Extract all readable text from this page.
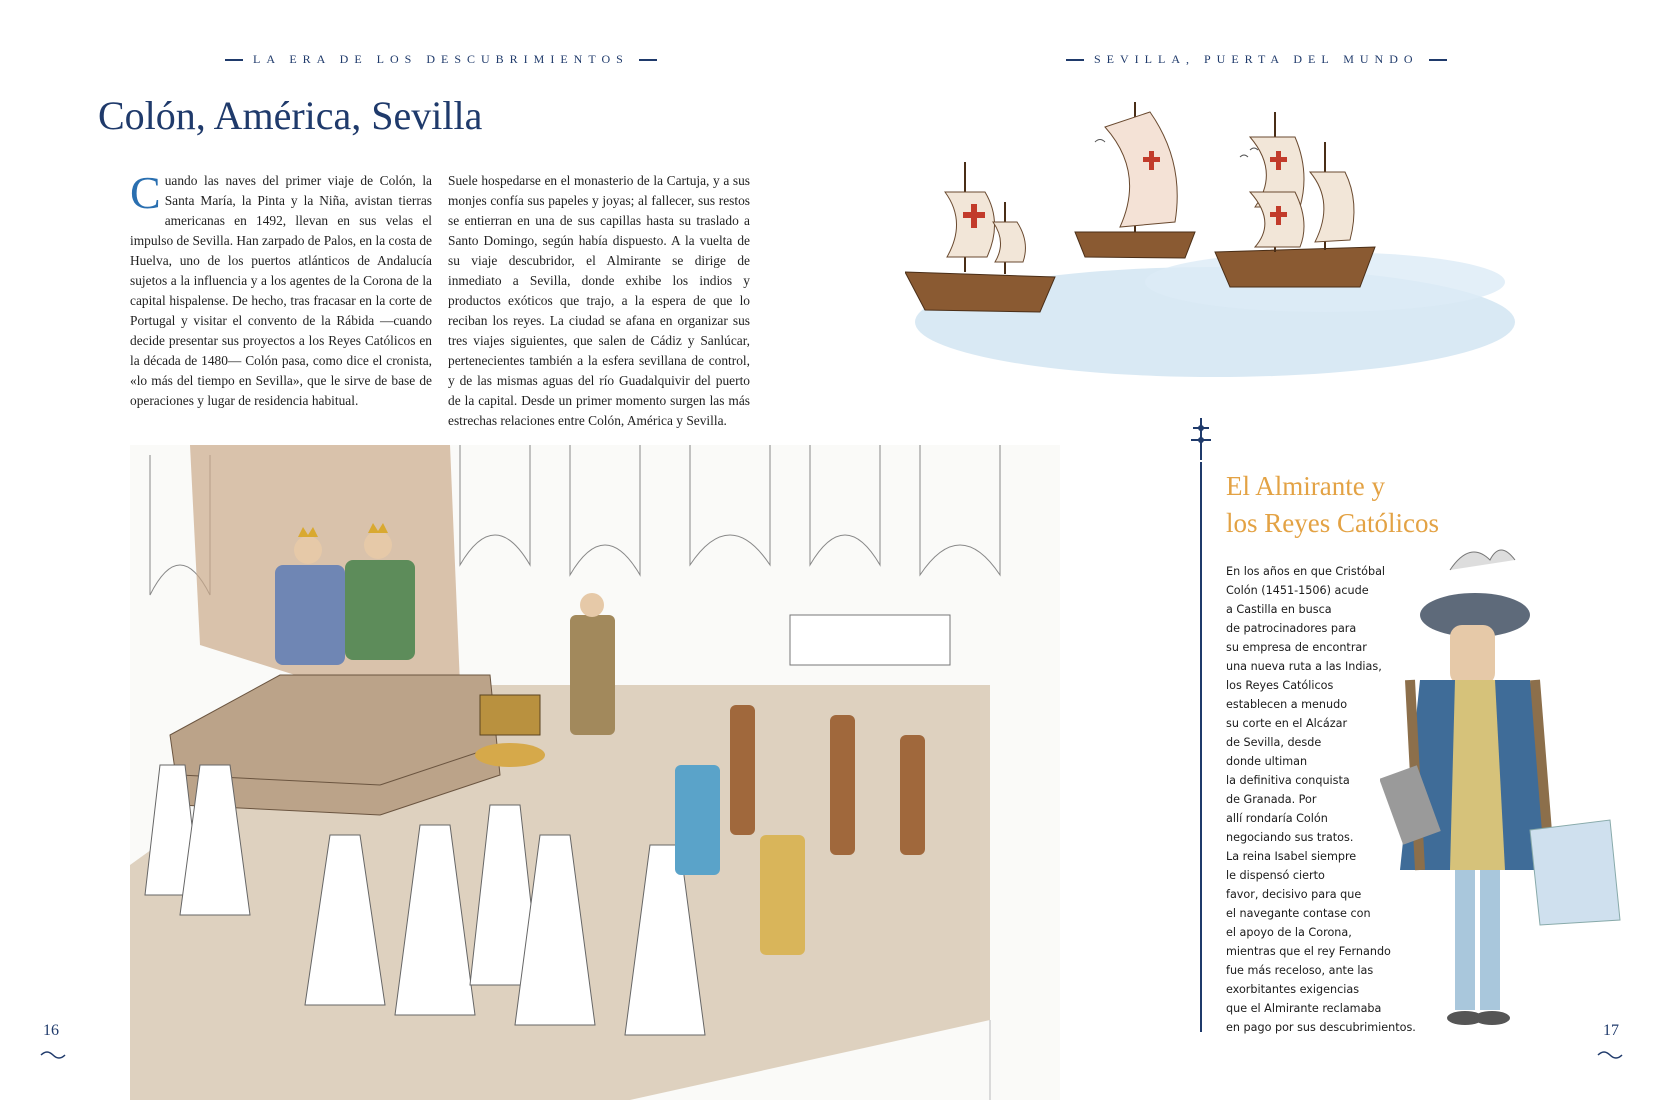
LA ERA DE LOS DESCUBRIMIENTOS	SEVILLA, PUERTA DEL MUNDO
Colón, América, Sevilla
C uando las naves del primer viaje de Colón, la Santa María, la Pinta y la Niña, avistan tierras americanas en 1492, llevan en sus velas el impulso de Sevilla. Han zarpado de Palos, en la costa de Huelva, uno de los puertos atlánticos de Andalucía sujetos a la influencia y a los agentes de la Corona de la capital hispalense. De hecho, tras fracasar en la corte de Portugal y visitar el convento de la Rábida —cuando decide presentar sus proyectos a los Reyes Católicos en la década de 1480— Colón pasa, como dice el cronista, «lo más del tiempo en Sevilla», que le sirve de base de operaciones y lugar de residencia habitual.
Suele hospedarse en el monasterio de la Cartuja, y a sus monjes confía sus papeles y joyas; al fallecer, sus restos se entierran en una de sus capillas hasta su traslado a Santo Domingo, según había dispuesto. A la vuelta de su viaje descubridor, el Almirante se dirige de inmediato a Sevilla, donde exhibe los indios y productos exóticos que trajo, a la espera de que lo reciban los reyes. La ciudad se afana en organizar sus tres viajes siguientes, que salen de Cádiz y Sanlúcar, pertenecientes también a la esfera sevillana de control, y de las mismas aguas del río Guadalquivir del puerto de la capital. Desde un primer momento surgen las más estrechas relaciones entre Colón, América y Sevilla.
El Almirante y
los Reyes Católicos
En los años en que Cristóbal
Colón (1451-1506) acude
a Castilla en busca
de patrocinadores para
su empresa de encontrar
una nueva ruta a las Indias,
los Reyes Católicos
establecen a menudo
su corte en el Alcázar
de Sevilla, desde
donde ultiman
la definitiva conquista
de Granada. Por
allí rondaría Colón
negociando sus tratos.
La reina Isabel siempre
le dispensó cierto
favor, decisivo para que
el navegante contase con
el apoyo de la Corona,
mientras que el rey Fernando
fue más receloso, ante las
exorbitantes exigencias
que el Almirante reclamaba
en pago por sus descubrimientos.
16	17
